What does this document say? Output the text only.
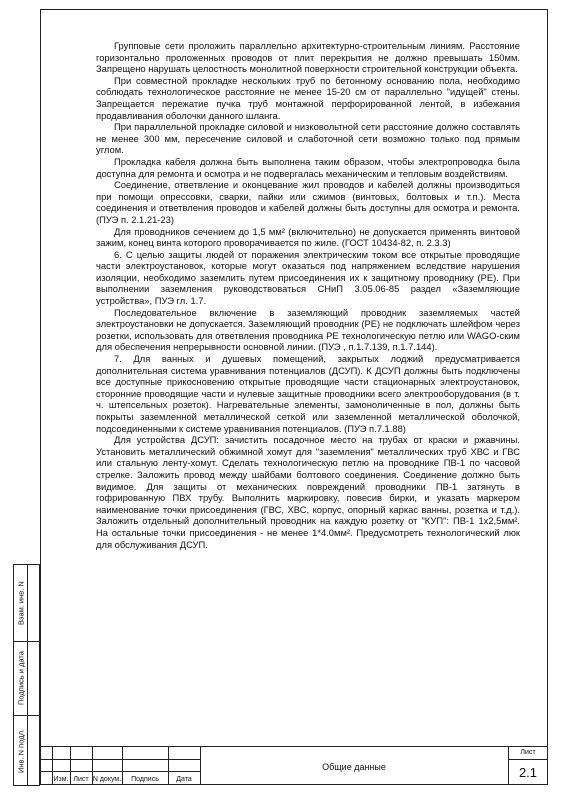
Взам. инв. N
Подпись и дата
Инв. N подл.

Групповые сети проложить параллельно архитектурно-строительным линиям. Расстояние горизонтально проложенных проводов от плит перекрытия не должно превышать 150мм. Запрещено нарушать целостность монолитной поверхности строительной конструкции объекта.

При совместной прокладке нескольких труб по бетонному основанию пола, необходимо соблюдать технологическое расстояние не менее 15-20 см от параллельно "идущей" стены. Запрещается пережатие пучка труб монтажной перфорированной лентой, в избежания продавливания оболочки данного шланга.

При параллельной прокладке силовой и низковольтной сети расстояние должно составлять не менее 300 мм, пересечение силовой и слаботочной сети возможно только под прямым углом.

Прокладка кабеля должна быть выполнена таким образом, чтобы электропроводка была доступна для ремонта и осмотра и не подвергалась механическим и тепловым воздействиям.

Соединение, ответвление и оконцевание жил проводов и кабелей должны производиться при помощи опрессовки, сварки, пайки или сжимов (винтовых, болтовых и т.п.). Места соединения и ответвления проводов и кабелей должны быть доступны для осмотра и ремонта. (ПУЭ п. 2.1.21-23)

Для проводников сечением до 1,5 мм² (включительно) не допускается применять винтовой зажим, конец винта которого проворачивается по жиле. (ГОСТ 10434-82, п. 2.3.3)

6. С целью защиты людей от поражения электрическим током все открытые проводящие части электроустановок, которые могут оказаться под напряжением вследствие нарушения изоляции, необходимо заземлить путем присоединения их к защитному проводнику (PE). При выполнении заземления руководствоваться СНиП 3.05.06-85 раздел «Заземляющие устройства», ПУЭ гл. 1.7.

Последовательное включение в заземляющий проводник заземляемых частей электроустановки не допускается. Заземляющий проводник (PE) не подключать шлейфом через розетки, использовать для ответвления проводника PE технологическую петлю или WAGO-ским для обеспечения непрерывности основной линии. (ПУЭ , п.1.7.139, п.1.7.144).

7. Для ванных и душевых помещений, закрытых лоджий предусматривается дополнительная система уравнивания потенциалов (ДСУП). К ДСУП должны быть подключены все доступные прикосновению открытые проводящие части стационарных электроустановок, сторонние проводящие части и нулевые защитные проводники всего электрооборудования (в т. ч. штепсельных розеток). Нагревательные элементы, замоноличенные в пол, должны быть покрыты заземленной металлической сеткой или заземленной металлической оболочкой, подсоединенными к системе уравнивания потенциалов. (ПУЭ п.7.1.88)

Для устройства ДСУП: зачистить посадочное место на трубах от краски и ржавчины. Установить металлический обжимной хомут для "заземления" металлических труб ХВС и ГВС или стальную ленту-хомут. Сделать технологическую петлю на проводнике ПВ-1 по часовой стрелке. Заложить провод между шайбами болтового соединения. Соединение должно быть видимое. Для защиты от механических повреждений проводники ПВ-1 затянуть в гофрированную ПВХ трубу. Выполнить маркировку, повесив бирки, и указать маркером наименование точки присоединения (ГВС, ХВС, корпус, опорный каркас ванны, розетка и т.д.). Заложить отдельный дополнительный проводник на каждую розетку от "КУП": ПВ-1 1х2,5мм². На остальные точки присоединения - не менее 1*4.0мм². Предусмотреть технологический люк для обслуживания ДСУП.

Изм. Лист N докум.	Подпись	Дата
Общие данные
Лист
2.1
